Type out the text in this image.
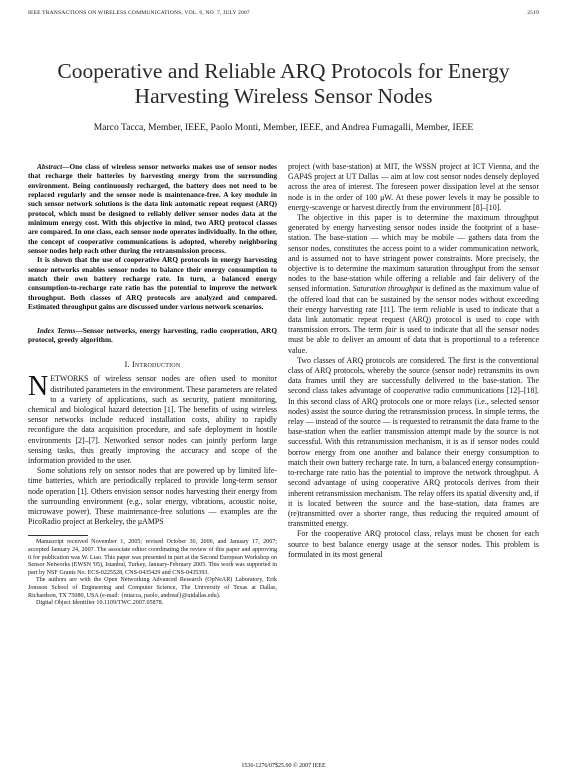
IEEE TRANSACTIONS ON WIRELESS COMMUNICATIONS, VOL. 6, NO. 7, JULY 2007	2519
Cooperative and Reliable ARQ Protocols for Energy Harvesting Wireless Sensor Nodes
Marco Tacca, Member, IEEE, Paolo Monti, Member, IEEE, and Andrea Fumagalli, Member, IEEE

Abstract—One class of wireless sensor networks makes use of sensor nodes that recharge their batteries by harvesting energy from the surrounding environment. Being continuously recharged, the battery does not need to be replaced regularly and the sensor node is maintenance-free. A key module in such sensor network solutions is the data link automatic repeat request (ARQ) protocol, which must be designed to reliably deliver sensor nodes data at the minimum energy cost. With this objective in mind, two ARQ protocol classes are compared. In one class, each sensor node operates individually. In the other, the concept of cooperative communications is adopted, whereby neighboring sensor nodes help each other during the retransmission process.

It is shown that the use of cooperative ARQ protocols in energy harvesting sensor networks enables sensor nodes to balance their energy consumption to match their own battery recharge rate. In turn, a balanced energy consumption-to-recharge rate ratio has the potential to improve the network throughput. Both classes of ARQ protocols are analyzed and compared. Estimated throughput gains are discussed under various network scenarios.

Index Terms—Sensor networks, energy harvesting, radio cooperation, ARQ protocol, greedy algorithm.
I. Introduction

NETWORKS of wireless sensor nodes are often used to monitor distributed parameters in the environment. These parameters are related to a variety of applications, such as security, patient monitoring, chemical and biological hazard detection [1]. The benefits of using wireless sensor networks include reduced installation costs, ability to rapidly reconfigure the data acquisition procedure, and safe deployment in hostile environments [2]–[7]. Networked sensor nodes can jointly perform large sensing tasks, thus greatly improving the accuracy and scope of the information provided to the user.

Some solutions rely on sensor nodes that are powered up by limited life-time batteries, which are periodically replaced to provide long-term sensor node operation [1]. Others envision sensor nodes harvesting their energy from the surrounding environment (e.g., solar energy, vibrations, acoustic noise, microwave power). These maintenance-free solutions — examples are the PicoRadio project at Berkeley, the μAMPS

Manuscript received November 1, 2005; revised October 30, 2006, and January 17, 2007; accepted January 24, 2007. The associate editor coordinating the review of this paper and approving it for publication was W. Liao. This paper was presented in part at the Second European Workshop on Sensor Networks (EWSN '05), Istanbul, Turkey, January-February 2005. This work was supported in part by NSF Grants No. ECS-0225528, CNS-0435429 and CNS-0435393.

The authors are with the Open Networking Advanced Research (OpNeAR) Laboratory, Erik Jonsson School of Engineering and Computer Science, The University of Texas at Dallas, Richardson, TX 75080, USA (e-mail: {mtacca, paolo, andreaf}@utdallas.edu).

Digital Object Identifier 10.1109/TWC.2007.05878.

project (with base-station) at MIT, the WSSN project at ICT Vienna, and the GAP4S project at UT Dallas — aim at low cost sensor nodes densely deployed across the area of interest. The foreseen power dissipation level at the sensor node is in the order of 100 μW. At these power levels it may be possible to energy-scavenge or harvest directly from the environment [8]–[10].

The objective in this paper is to determine the maximum throughput generated by energy harvesting sensor nodes inside the footprint of a base-station. The base-station — which may be mobile — gathers data from the sensor nodes, constitutes the access point to a wider communication network, and is assumed not to have stringent power constraints. More precisely, the objective is to determine the maximum saturation throughput from the sensor nodes to the base-station while offering a reliable and fair delivery of the sensed information. Saturation throughput is defined as the maximum value of the offered load that can be sustained by the sensor nodes without exceeding their energy harvesting rate [11]. The term reliable is used to indicate that a data link automatic repeat request (ARQ) protocol is used to cope with transmission errors. The term fair is used to indicate that all the sensor nodes must be able to deliver an amount of data that is proportional to a reference value.

Two classes of ARQ protocols are considered. The first is the conventional class of ARQ protocols, whereby the source (sensor node) retransmits its own data frames until they are successfully delivered to the base-station. The second class takes advantage of cooperative radio communications [12]–[18]. In this second class of ARQ protocols one or more relays (i.e., selected sensor nodes) assist the source during the retransmission process. In simple terms, the relay — instead of the source — is requested to retransmit the data frame to the base-station when the earlier transmission attempt made by the source is not successful. With this retransmission mechanism, it is as if sensor nodes could borrow energy from one another and balance their energy consumption to match their own battery recharge rate. In turn, a balanced energy consumption-to-recharge rate ratio has the potential to improve the network throughput. A second advantage of using cooperative ARQ protocols derives from their inherent retransmission mechanism. The relay offers its spatial diversity and, if it is located between the source and the base-station, data frames are (re)transmitted over a shorter range, thus reducing the required amount of transmitted energy.

For the cooperative ARQ protocol class, relays must be chosen for each source to best balance energy usage at the sensor nodes. This problem is formulated in its most general

1536-1276/07$25.00 © 2007 IEEE
